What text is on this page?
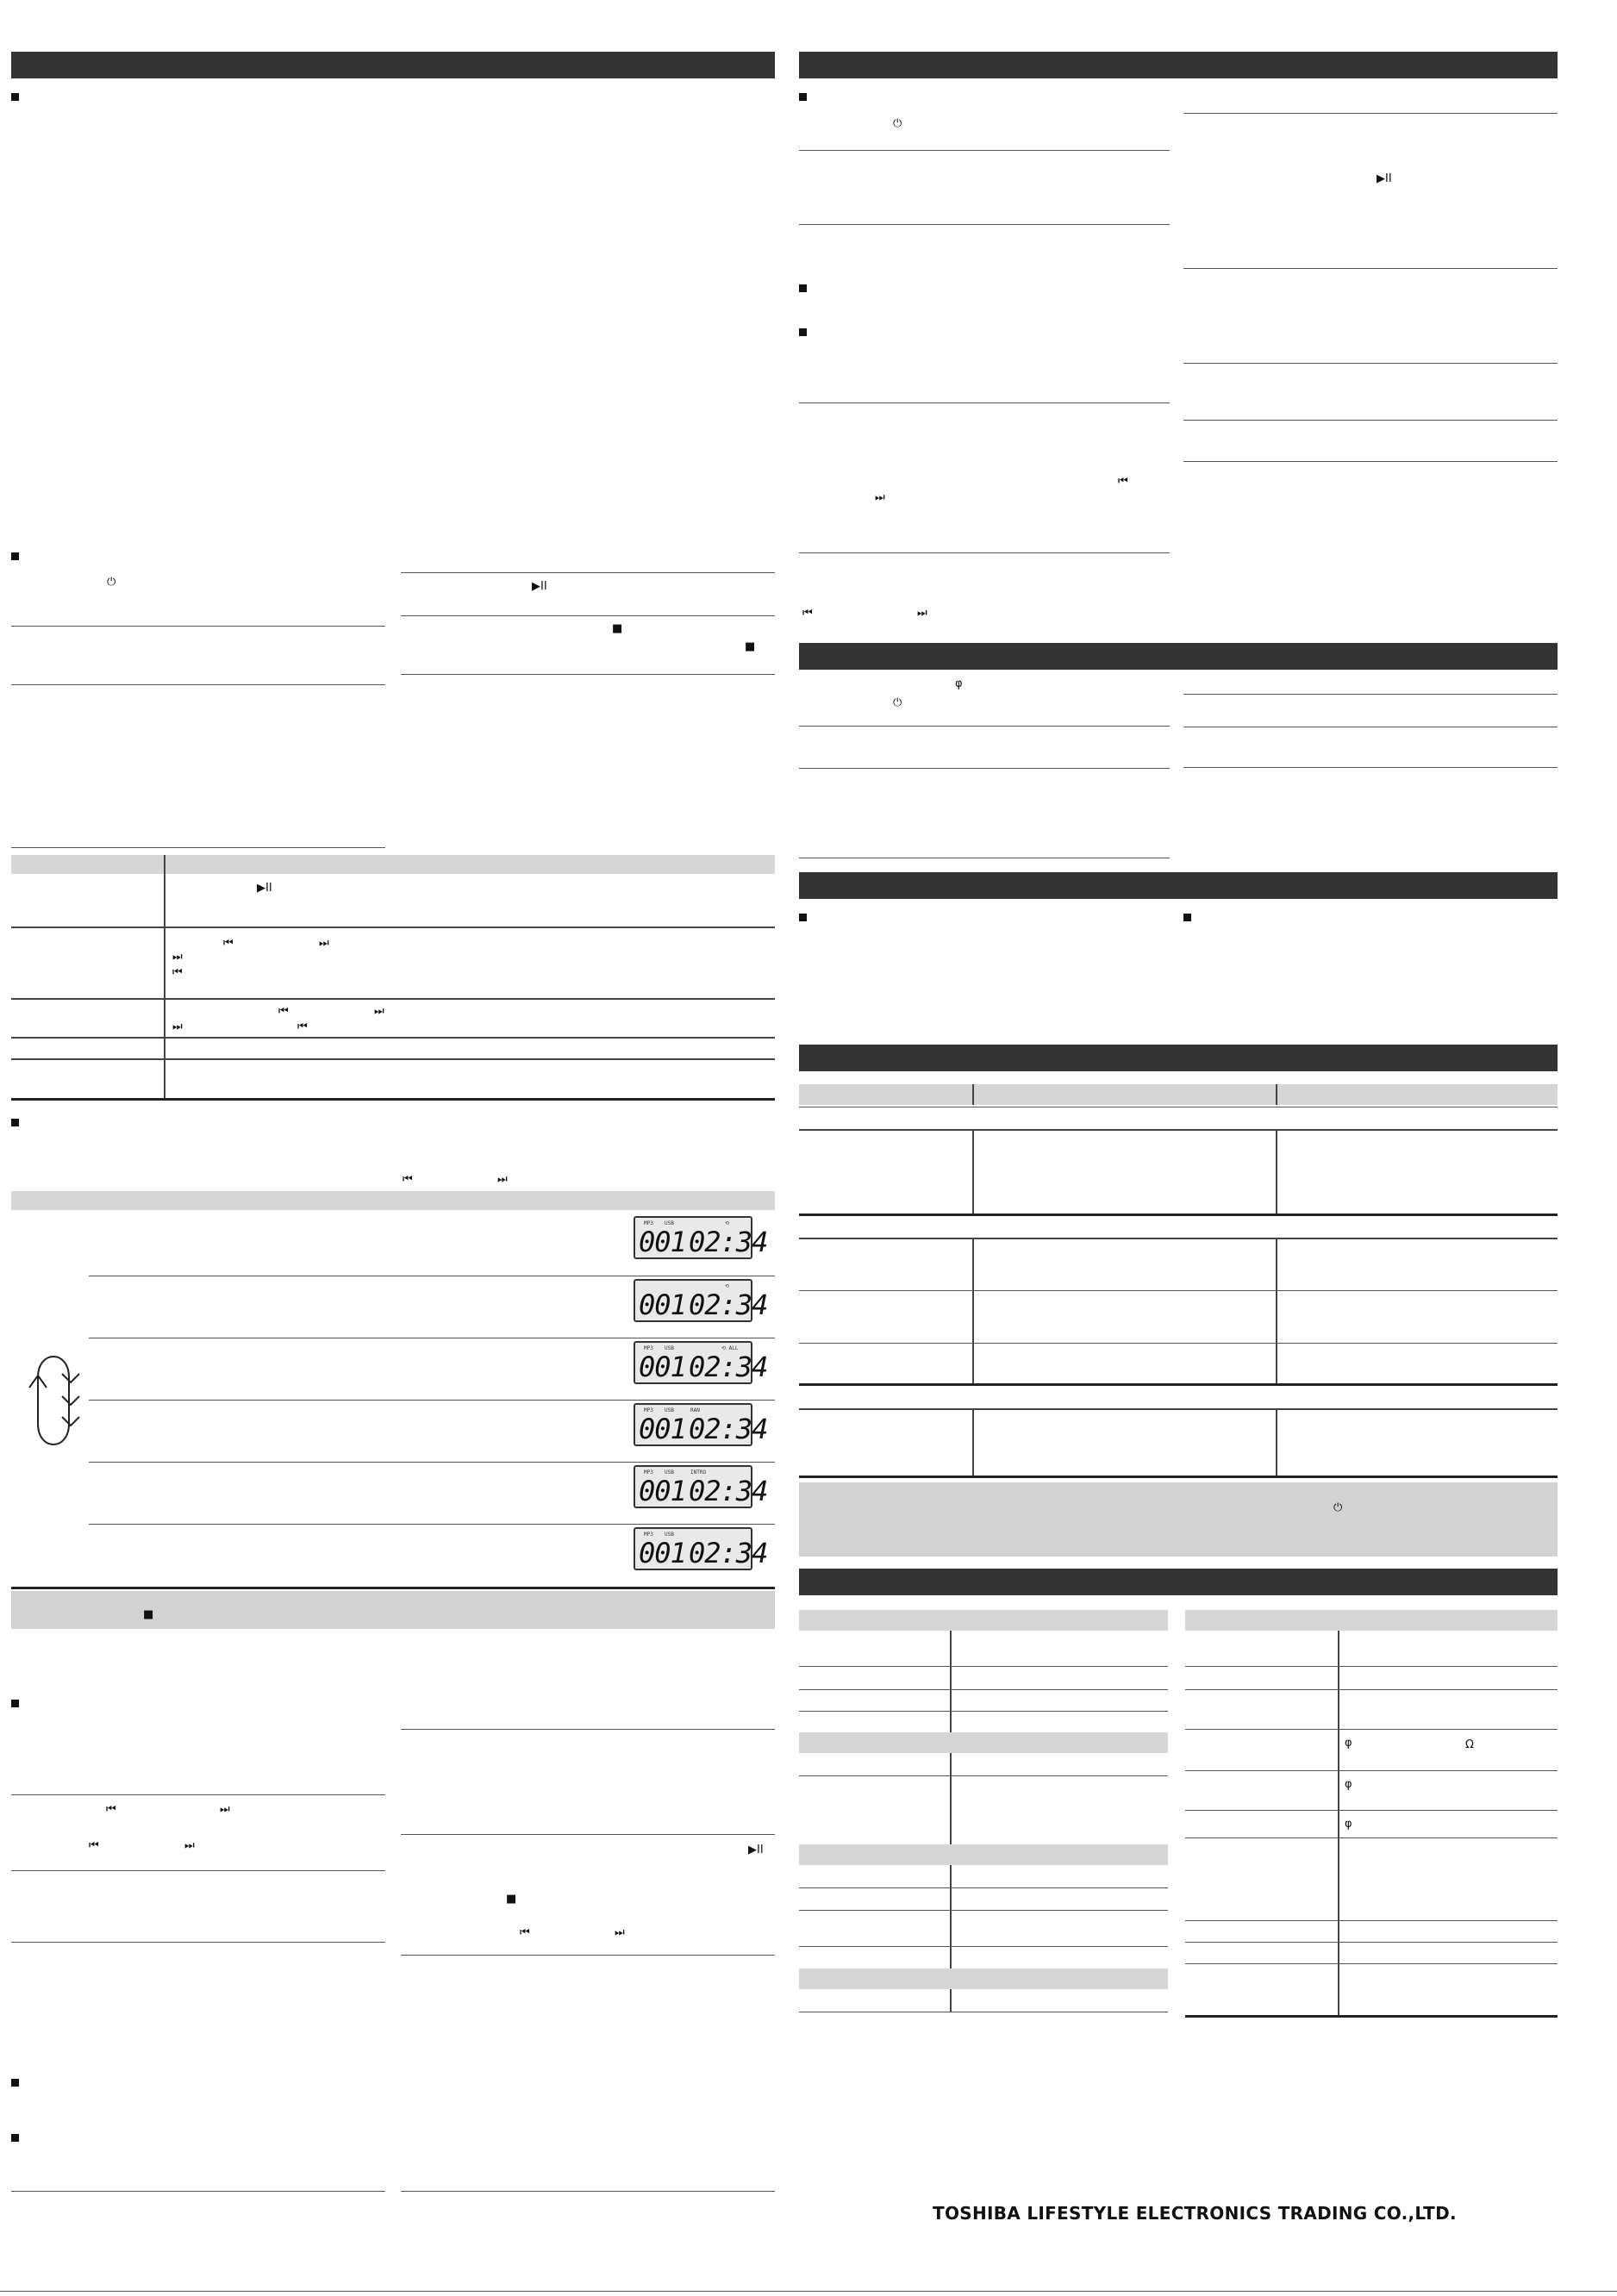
⏻	▶II
■
■
▶II
⏮	⏭
⏭
⏮
⏮	⏭
⏭	⏮
⏮	⏭
MP3 USB	⟲
001 02:34
⟲
001 02:34
MP3 USB	⟲ ALL
001 02:34
MP3 USB	RAN
001 02:34
MP3 USB	INTRO
001 02:34
MP3 USB
001 02:34
■
⏮	⏭
⏮	⏭	▶II
■
⏮	⏭
⏻
⏮
⏭
⏮	⏭
▶II
φ
⏻
⏻
φ	Ω
φ
φ
TOSHIBA LIFESTYLE ELECTRONICS TRADING CO.,LTD.
